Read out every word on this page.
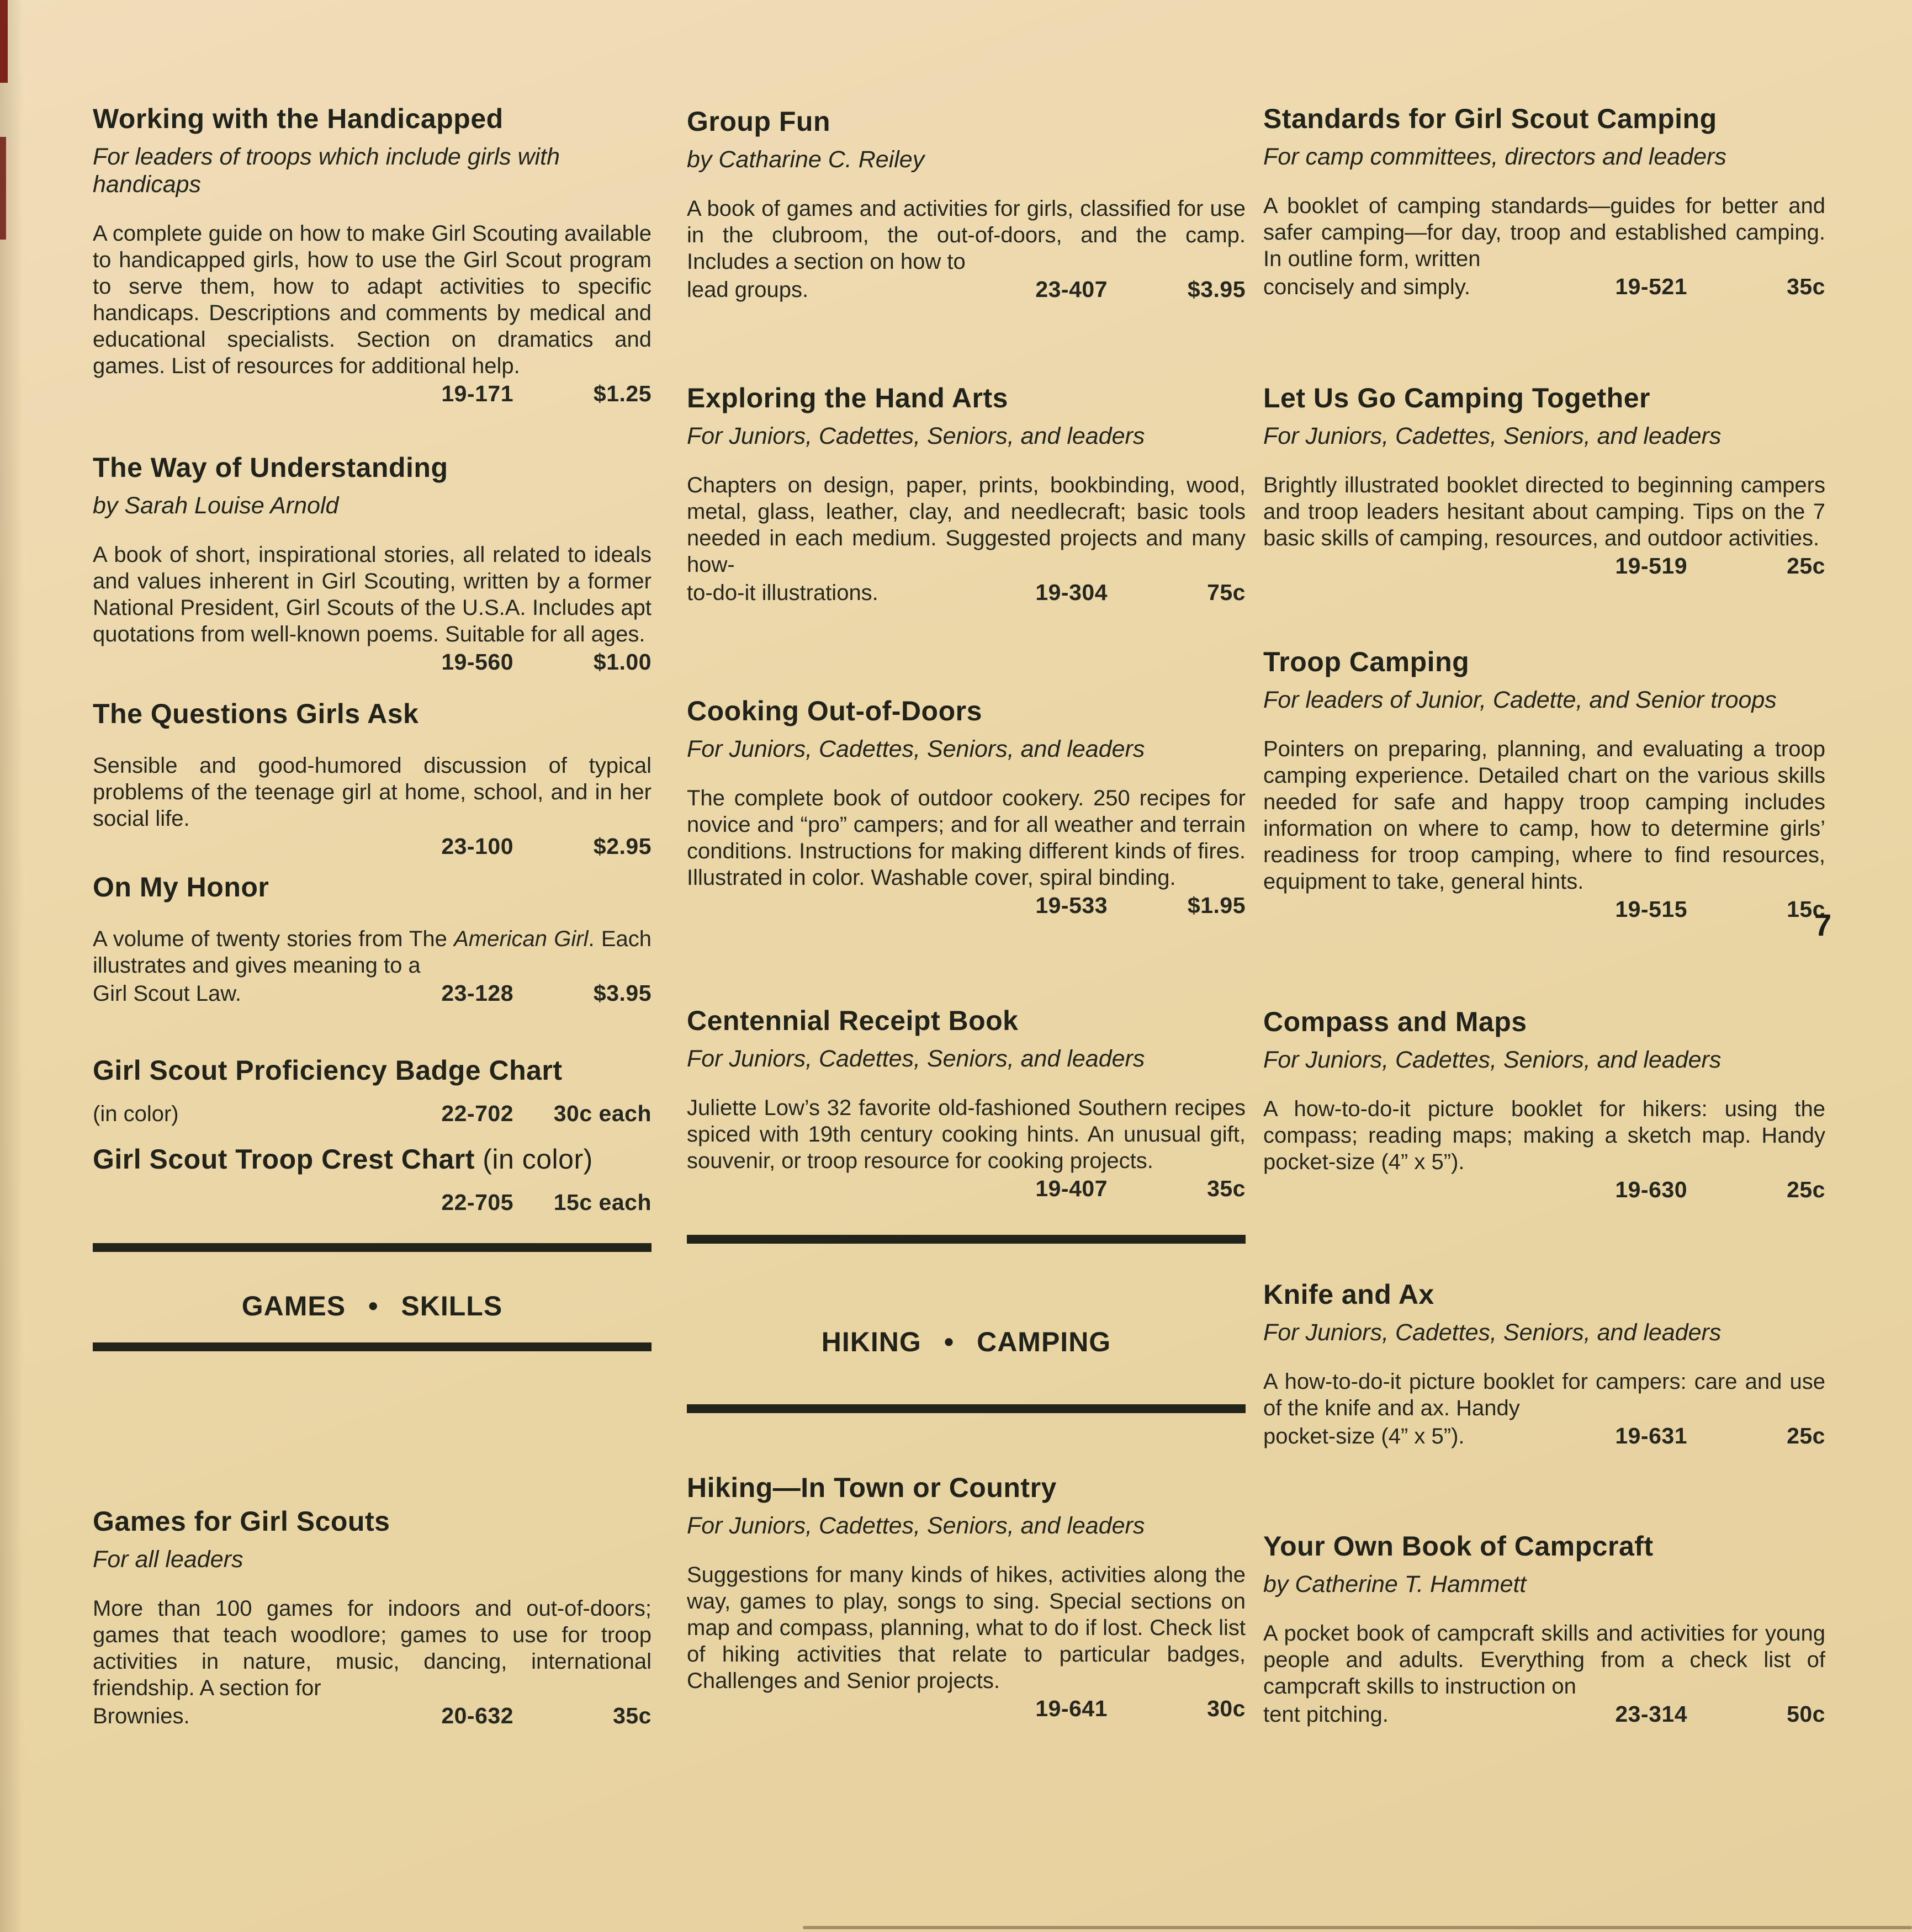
Working with the Handicapped

For leaders of troops which include girls with handicaps

A complete guide on how to make Girl Scouting available to handicapped girls, how to use the Girl Scout program to serve them, how to adapt activities to specific handicaps. Descriptions and comments by medical and educational specialists. Section on dramatics and games. List of resources for additional help.

19-171	$1.25
The Way of Understanding

by Sarah Louise Arnold

A book of short, inspirational stories, all related to ideals and values inherent in Girl Scouting, written by a former National President, Girl Scouts of the U.S.A. Includes apt quotations from well-known poems. Suitable for all ages.

19-560	$1.00
The Questions Girls Ask

Sensible and good-humored discussion of typical problems of the teenage girl at home, school, and in her social life.

23-100	$2.95
On My Honor

A volume of twenty stories from The American Girl. Each illustrates and gives meaning to a

Girl Scout Law.	23-128	$3.95
Girl Scout Proficiency Badge Chart
(in color)	22-702	30c each
Girl Scout Troop Crest Chart (in color)
22-705	15c each
GAMES • SKILLS
Games for Girl Scouts

For all leaders

More than 100 games for indoors and out-of-doors; games that teach woodlore; games to use for troop activities in nature, music, dancing, international friendship. A section for

Brownies.	20-632	35c
Group Fun

by Catharine C. Reiley

A book of games and activities for girls, classified for use in the clubroom, the out-of-doors, and the camp. Includes a section on how to

lead groups.	23-407	$3.95
Exploring the Hand Arts

For Juniors, Cadettes, Seniors, and leaders

Chapters on design, paper, prints, bookbinding, wood, metal, glass, leather, clay, and needlecraft; basic tools needed in each medium. Suggested projects and many how-

to-do-it illustrations.	19-304	75c
Cooking Out-of-Doors

For Juniors, Cadettes, Seniors, and leaders

The complete book of outdoor cookery. 250 recipes for novice and “pro” campers; and for all weather and terrain conditions. Instructions for making different kinds of fires. Illustrated in color. Washable cover, spiral binding.

19-533	$1.95
Centennial Receipt Book

For Juniors, Cadettes, Seniors, and leaders

Juliette Low’s 32 favorite old-fashioned Southern recipes spiced with 19th century cooking hints. An unusual gift, souvenir, or troop resource for cooking projects.

19-407	35c
HIKING • CAMPING
Hiking—In Town or Country

For Juniors, Cadettes, Seniors, and leaders

Suggestions for many kinds of hikes, activities along the way, games to play, songs to sing. Special sections on map and compass, planning, what to do if lost. Check list of hiking activities that relate to particular badges, Challenges and Senior projects.

19-641	30c
Standards for Girl Scout Camping

For camp committees, directors and leaders

A booklet of camping standards—guides for better and safer camping—for day, troop and established camping. In outline form, written

concisely and simply.	19-521	35c
Let Us Go Camping Together

For Juniors, Cadettes, Seniors, and leaders

Brightly illustrated booklet directed to beginning campers and troop leaders hesitant about camping. Tips on the 7 basic skills of camping, resources, and outdoor activities.

19-519	25c
Troop Camping

For leaders of Junior, Cadette, and Senior troops

Pointers on preparing, planning, and evaluating a troop camping experience. Detailed chart on the various skills needed for safe and happy troop camping includes information on where to camp, how to determine girls’ readiness for troop camping, where to find resources, equipment to take, general hints.

19-515	15c
Compass and Maps

For Juniors, Cadettes, Seniors, and leaders

A how-to-do-it picture booklet for hikers: using the compass; reading maps; making a sketch map. Handy pocket-size (4” x 5”).

19-630	25c
Knife and Ax

For Juniors, Cadettes, Seniors, and leaders

A how-to-do-it picture booklet for campers: care and use of the knife and ax. Handy

pocket-size (4” x 5”).	19-631	25c
Your Own Book of Campcraft

by Catherine T. Hammett

A pocket book of campcraft skills and activities for young people and adults. Everything from a check list of campcraft skills to instruction on

tent pitching.	23-314	50c
7
